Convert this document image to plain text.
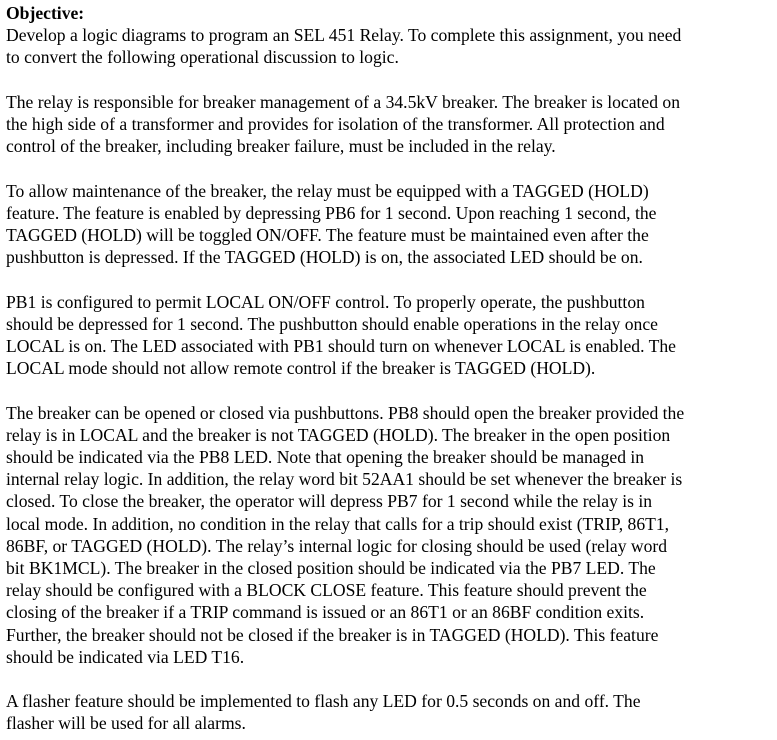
Objective:

Develop a logic diagrams to program an SEL 451 Relay. To complete this assignment, you need
to convert the following operational discussion to logic.

The relay is responsible for breaker management of a 34.5kV breaker. The breaker is located on
the high side of a transformer and provides for isolation of the transformer. All protection and
control of the breaker, including breaker failure, must be included in the relay.

To allow maintenance of the breaker, the relay must be equipped with a TAGGED (HOLD)
feature. The feature is enabled by depressing PB6 for 1 second. Upon reaching 1 second, the
TAGGED (HOLD) will be toggled ON/OFF. The feature must be maintained even after the
pushbutton is depressed. If the TAGGED (HOLD) is on, the associated LED should be on.

PB1 is configured to permit LOCAL ON/OFF control. To properly operate, the pushbutton
should be depressed for 1 second. The pushbutton should enable operations in the relay once
LOCAL is on. The LED associated with PB1 should turn on whenever LOCAL is enabled. The
LOCAL mode should not allow remote control if the breaker is TAGGED (HOLD).

The breaker can be opened or closed via pushbuttons. PB8 should open the breaker provided the
relay is in LOCAL and the breaker is not TAGGED (HOLD). The breaker in the open position
should be indicated via the PB8 LED. Note that opening the breaker should be managed in
internal relay logic. In addition, the relay word bit 52AA1 should be set whenever the breaker is
closed. To close the breaker, the operator will depress PB7 for 1 second while the relay is in
local mode. In addition, no condition in the relay that calls for a trip should exist (TRIP, 86T1,
86BF, or TAGGED (HOLD). The relay’s internal logic for closing should be used (relay word
bit BK1MCL). The breaker in the closed position should be indicated via the PB7 LED. The
relay should be configured with a BLOCK CLOSE feature. This feature should prevent the
closing of the breaker if a TRIP command is issued or an 86T1 or an 86BF condition exits.
Further, the breaker should not be closed if the breaker is in TAGGED (HOLD). This feature
should be indicated via LED T16.

A flasher feature should be implemented to flash any LED for 0.5 seconds on and off. The
flasher will be used for all alarms.
